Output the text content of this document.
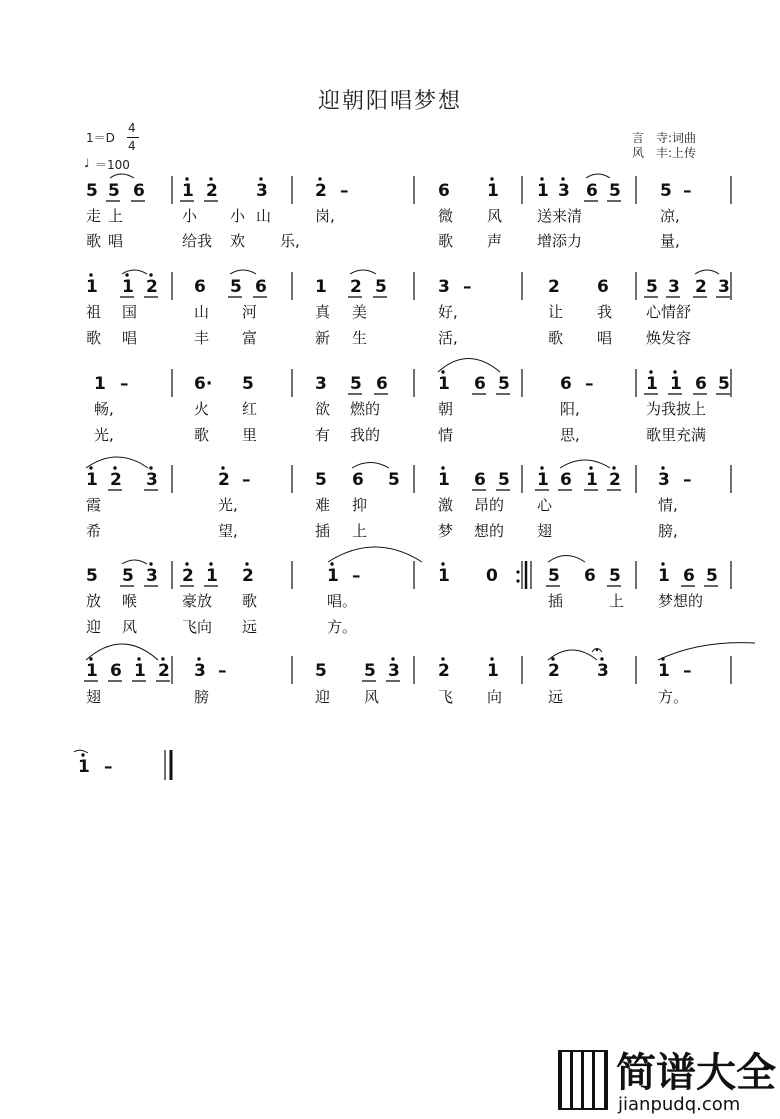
迎朝阳唱梦想
1＝D
4
4
♩ ＝100
言　寺:词曲
风　丰:上传
5 5 6 1 2 3	2 –	6 1 1 3 6 5 5 –
1 1 2 6 5 6	1 2 5	3 –	2 6 5 3 2 3
1 –	6· 5	3 5 6	1 6 5	6 –	1 1 6 5
1 2 3	2 –	5 6 5 1 6 5 1 6 1 2 3 –
5 5 3 2 1 2	1 –	1 0	5 6 5 1 6 5
1 6 1 2 3 –	5 5 3 2 1	2 3	1 –
1 –
走 上	小 小 山	岗,	微 风 送来清	凉,
歌 唱	给我 欢 乐,	歌 声 增添力	量,
祖 国	山 河	真 美	好,	让 我 心情舒
歌 唱	丰 富	新 生	活,	歌 唱 焕发容
畅,	火 红	欲 燃的	朝	阳,	为我披上
光,	歌 里	有 我的	情	思,	歌里充满
霞	光,	难 抑	激 昂的 心	情,
希	望,	插 上	梦 想的 翅	膀,
放 喉	豪放 歌	唱。	插	上 梦想的
迎 风	飞向 远	方。
翅	膀	迎 风	飞 向	远	方。
简谱大全
jianpudq.com
